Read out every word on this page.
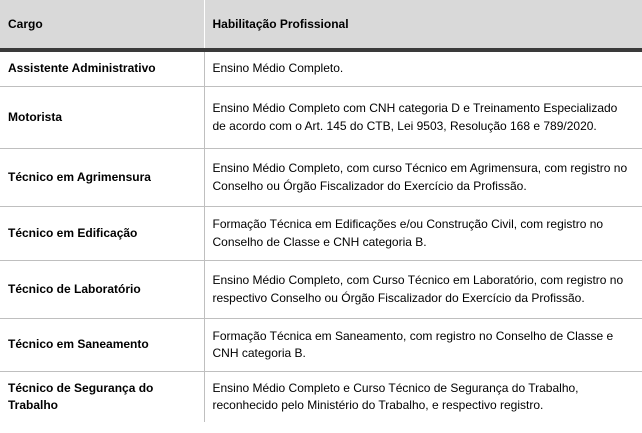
Cargo	Habilitação Profissional
Assistente Administrativo	Ensino Médio Completo.
Motorista	Ensino Médio Completo com CNH categoria D e Treinamento Especializado de acordo com o Art. 145 do CTB, Lei 9503, Resolução 168 e 789/2020.
Técnico em Agrimensura	Ensino Médio Completo, com curso Técnico em Agrimensura, com registro no Conselho ou Órgão Fiscalizador do Exercício da Profissão.
Técnico em Edificação	Formação Técnica em Edificações e/ou Construção Civil, com registro no Conselho de Classe e CNH categoria B.
Técnico de Laboratório	Ensino Médio Completo, com Curso Técnico em Laboratório, com registro no respectivo Conselho ou Órgão Fiscalizador do Exercício da Profissão.
Técnico em Saneamento	Formação Técnica em Saneamento, com registro no Conselho de Classe e CNH categoria B.
Técnico de Segurança do Trabalho	Ensino Médio Completo e Curso Técnico de Segurança do Trabalho, reconhecido pelo Ministério do Trabalho, e respectivo registro.
